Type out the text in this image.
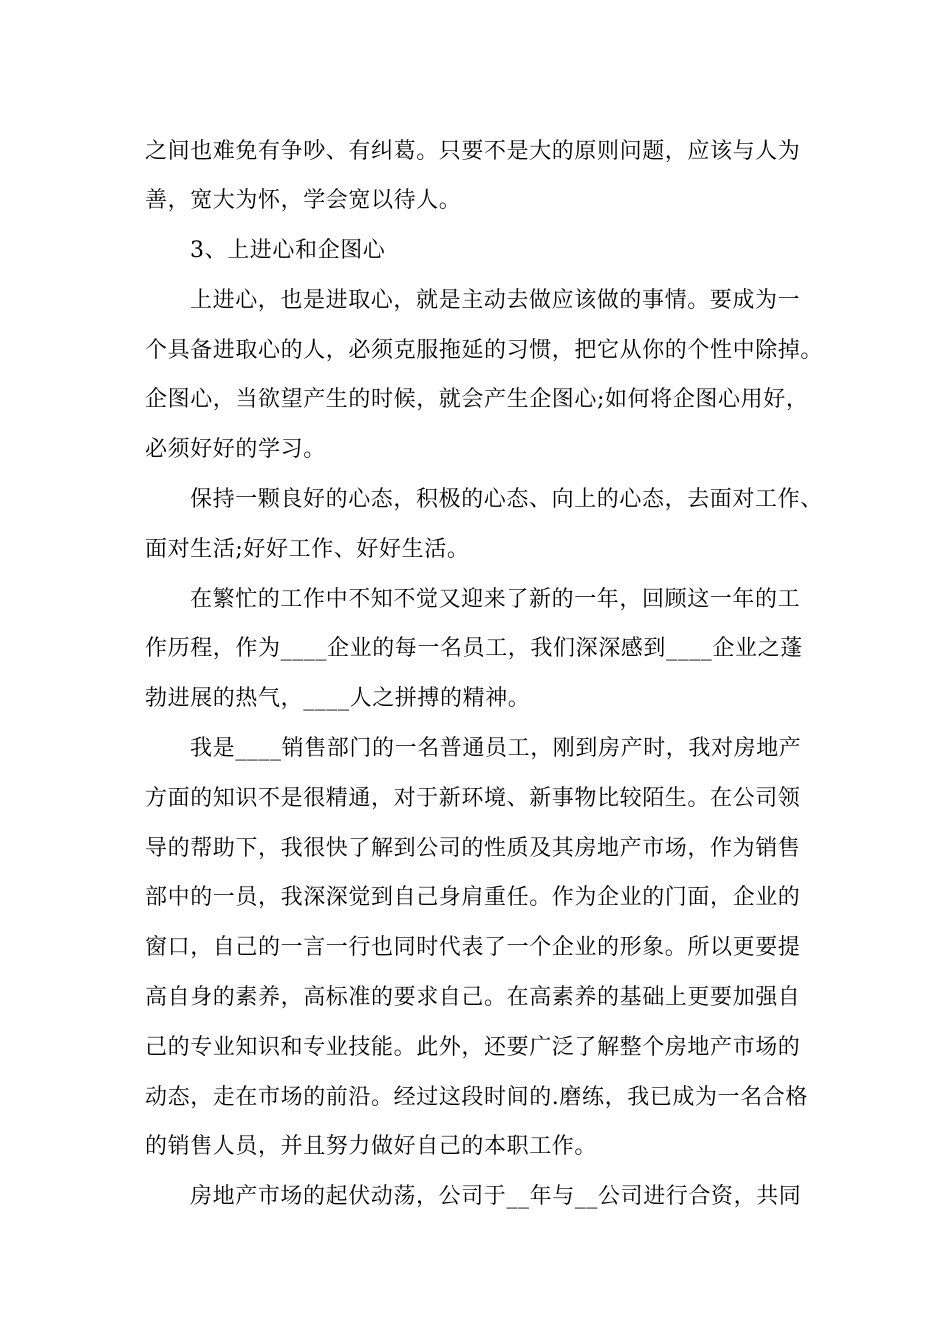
之间也难免有争吵、有纠葛。只要不是大的原则问题，应该与人为
善，宽大为怀，学会宽以待人。
3、上进心和企图心
上进心，也是进取心，就是主动去做应该做的事情。要成为一
个具备进取心的人，必须克服拖延的习惯，把它从你的个性中除掉。
企图心，当欲望产生的时候，就会产生企图心;如何将企图心用好，
必须好好的学习。
保持一颗良好的心态，积极的心态、向上的心态，去面对工作、
面对生活;好好工作、好好生活。
在繁忙的工作中不知不觉又迎来了新的一年，回顾这一年的工
作历程，作为____企业的每一名员工，我们深深感到____企业之蓬
勃进展的热气，____人之拼搏的精神。
我是____销售部门的一名普通员工，刚到房产时，我对房地产
方面的知识不是很精通，对于新环境、新事物比较陌生。在公司领
导的帮助下，我很快了解到公司的性质及其房地产市场，作为销售
部中的一员，我深深觉到自己身肩重任。作为企业的门面，企业的
窗口，自己的一言一行也同时代表了一个企业的形象。所以更要提
高自身的素养，高标准的要求自己。在高素养的基础上更要加强自
己的专业知识和专业技能。此外，还要广泛了解整个房地产市场的
动态，走在市场的前沿。经过这段时间的.磨练，我已成为一名合格
的销售人员，并且努力做好自己的本职工作。
房地产市场的起伏动荡，公司于__年与__公司进行合资，共同
